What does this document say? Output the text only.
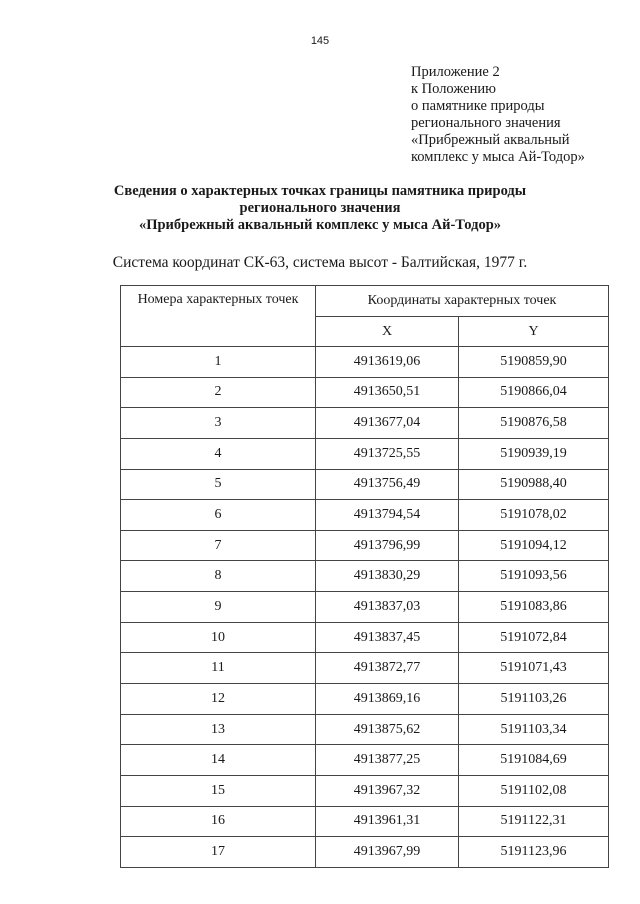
145
Приложение 2
к Положению
о памятнике природы
регионального значения
«Прибрежный аквальный
комплекс у мыса Ай-Тодор»
Сведения о характерных точках границы памятника природы
регионального значения
«Прибрежный аквальный комплекс у мыса Ай-Тодор»
Система координат СК-63, система высот - Балтийская, 1977 г.
Номера характерных точек	Координаты характерных точек	
	X	Y
1	4913619,06	5190859,90
2	4913650,51	5190866,04
3	4913677,04	5190876,58
4	4913725,55	5190939,19
5	4913756,49	5190988,40
6	4913794,54	5191078,02
7	4913796,99	5191094,12
8	4913830,29	5191093,56
9	4913837,03	5191083,86
10	4913837,45	5191072,84
11	4913872,77	5191071,43
12	4913869,16	5191103,26
13	4913875,62	5191103,34
14	4913877,25	5191084,69
15	4913967,32	5191102,08
16	4913961,31	5191122,31
17	4913967,99	5191123,96
